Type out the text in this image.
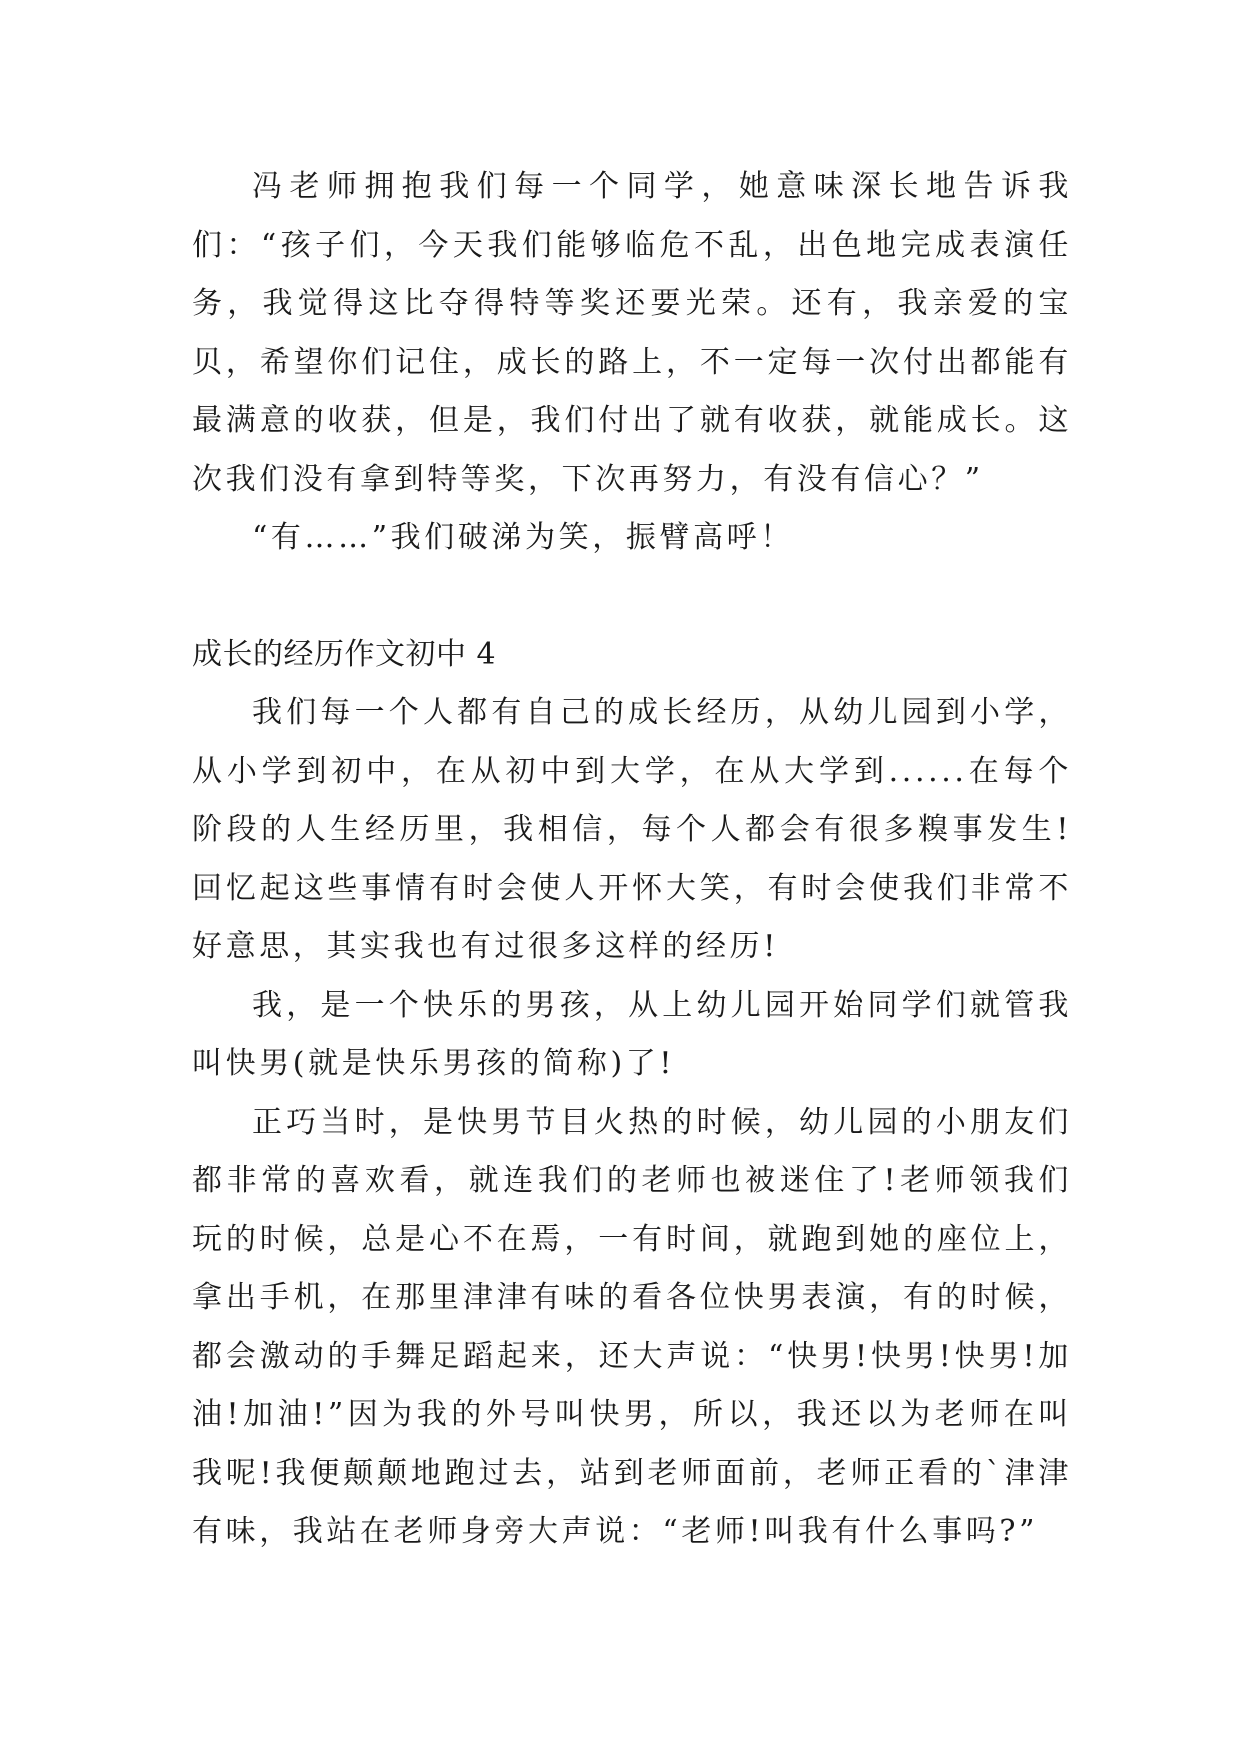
冯老师拥抱我们每一个同学，她意味深长地告诉我们：“孩子们，今天我们能够临危不乱，出色地完成表演任务，我觉得这比夺得特等奖还要光荣。还有，我亲爱的宝贝，希望你们记住，成长的路上，不一定每一次付出都能有最满意的收获，但是，我们付出了就有收获，就能成长。这次我们没有拿到特等奖，下次再努力，有没有信心？”

“有……”我们破涕为笑，振臂高呼！

成长的经历作文初中 4

我们每一个人都有自己的成长经历，从幼儿园到小学，从小学到初中，在从初中到大学，在从大学到......在每个阶段的人生经历里，我相信，每个人都会有很多糗事发生!回忆起这些事情有时会使人开怀大笑，有时会使我们非常不好意思，其实我也有过很多这样的经历!

我，是一个快乐的男孩，从上幼儿园开始同学们就管我叫快男(就是快乐男孩的简称)了!

正巧当时，是快男节目火热的时候，幼儿园的小朋友们都非常的喜欢看，就连我们的老师也被迷住了!老师领我们玩的时候，总是心不在焉，一有时间，就跑到她的座位上，拿出手机，在那里津津有味的看各位快男表演，有的时候，都会激动的手舞足蹈起来，还大声说：“快男!快男!快男!加油!加油!”因为我的外号叫快男，所以，我还以为老师在叫我呢!我便颠颠地跑过去，站到老师面前，老师正看的`津津有味，我站在老师身旁大声说：“老师!叫我有什么事吗?”
